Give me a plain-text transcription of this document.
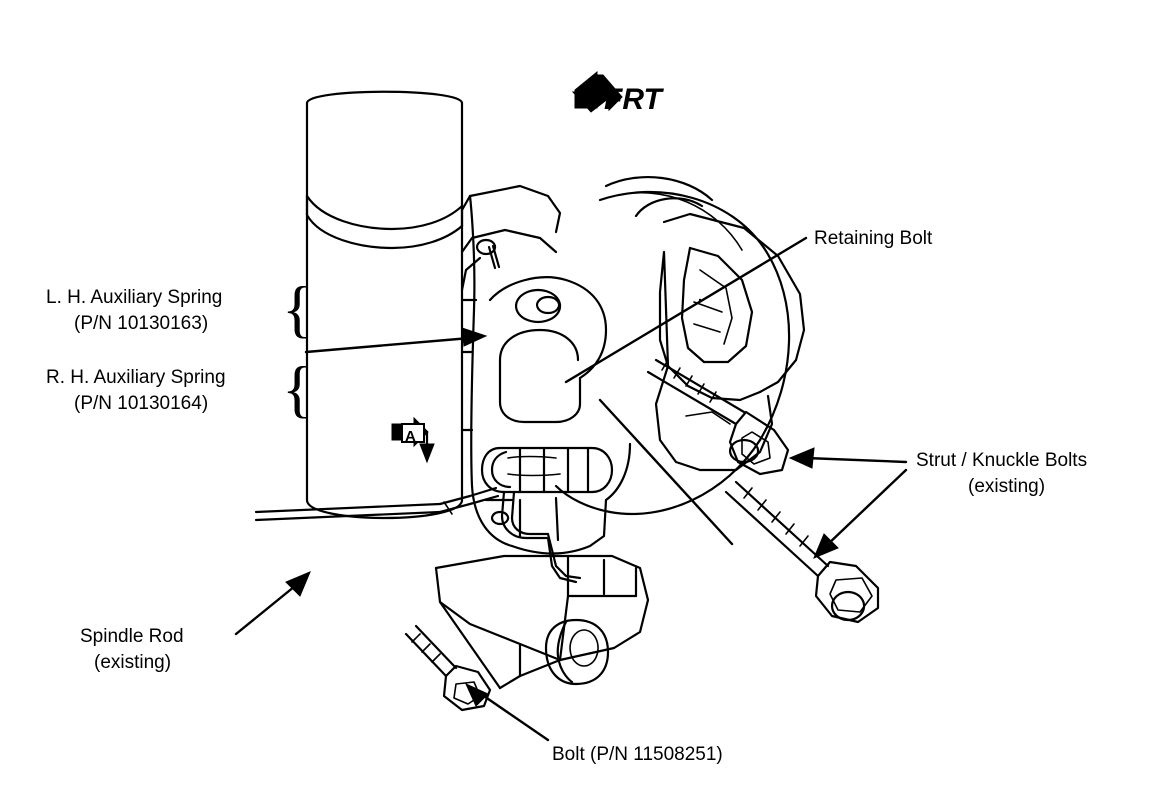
FRT
L. H. Auxiliary Spring
(P/N 10130163)
R. H. Auxiliary Spring
(P/N 10130164)
{
{
Retaining Bolt
Strut / Knuckle Bolts
(existing)
Spindle Rod
(existing)
Bolt (P/N 11508251)
A
